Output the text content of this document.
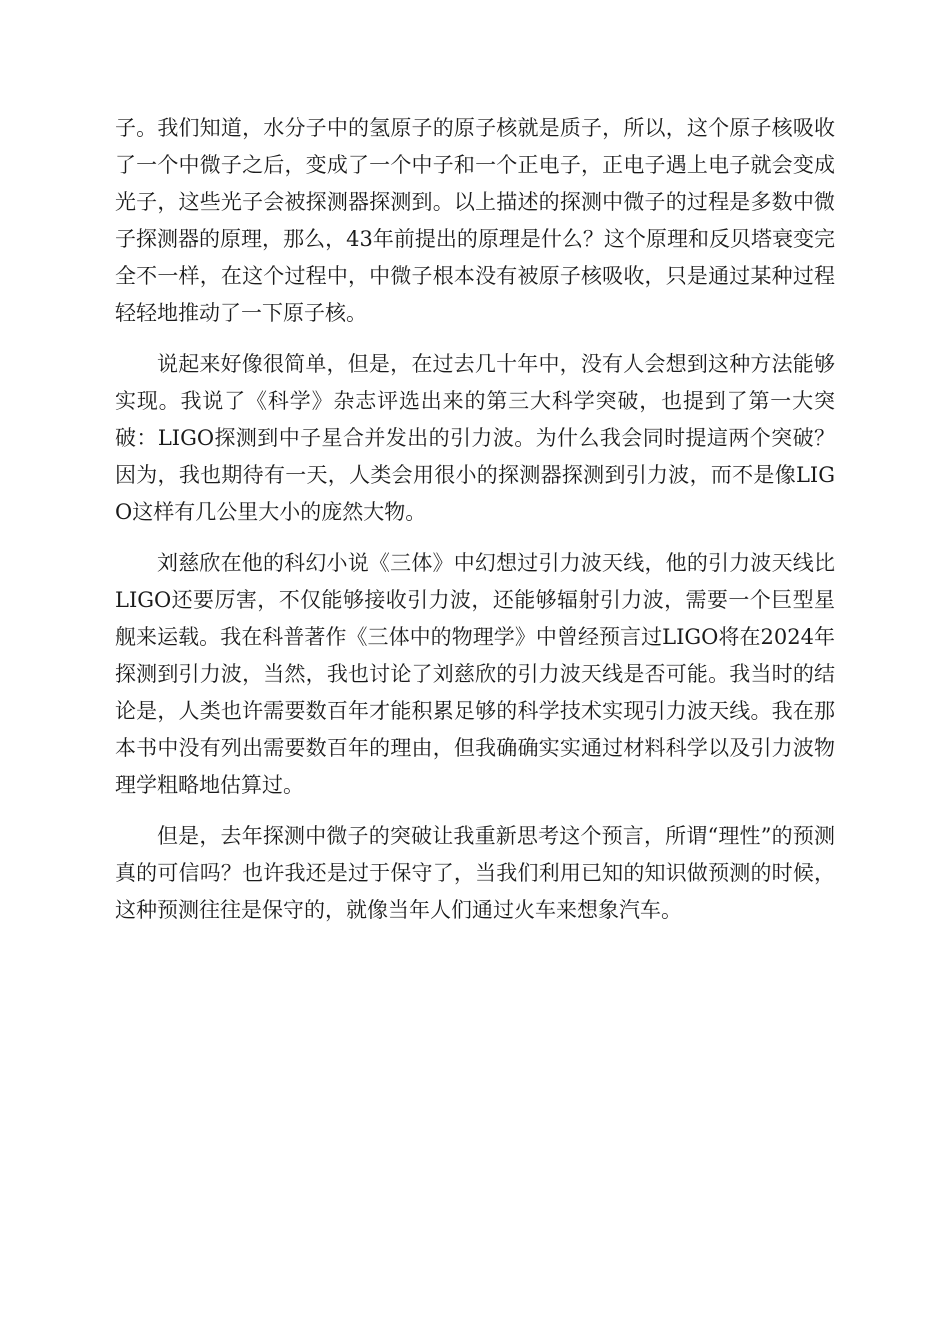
子。我们知道，水分子中的氢原子的原子核就是质子，所以，这个原子核吸收了一个中微子之后，变成了一个中子和一个正电子，正电子遇上电子就会变成光子，这些光子会被探测器探测到。以上描述的探测中微子的过程是多数中微子探测器的原理，那么，43年前提出的原理是什么？这个原理和反贝塔衰变完全不一样，在这个过程中，中微子根本没有被原子核吸收，只是通过某种过程轻轻地推动了一下原子核。

说起来好像很简单，但是，在过去几十年中，没有人会想到这种方法能够实现。我说了《科学》杂志评选出来的第三大科学突破，也提到了第一大突破：LIGO探测到中子星合并发出的引力波。为什么我会同时提這两个突破？因为，我也期待有一天，人类会用很小的探测器探测到引力波，而不是像LIGO这样有几公里大小的庞然大物。

刘慈欣在他的科幻小说《三体》中幻想过引力波天线，他的引力波天线比LIGO还要厉害，不仅能够接收引力波，还能够辐射引力波，需要一个巨型星舰来运载。我在科普著作《三体中的物理学》中曾经预言过LIGO将在2024年探测到引力波，当然，我也讨论了刘慈欣的引力波天线是否可能。我当时的结论是，人类也许需要数百年才能积累足够的科学技术实现引力波天线。我在那本书中没有列出需要数百年的理由，但我确确实实通过材料科学以及引力波物理学粗略地估算过。

但是，去年探测中微子的突破让我重新思考这个预言，所谓“理性”的预测真的可信吗？也许我还是过于保守了，当我们利用已知的知识做预测的时候，这种预测往往是保守的，就像当年人们通过火车来想象汽车。
